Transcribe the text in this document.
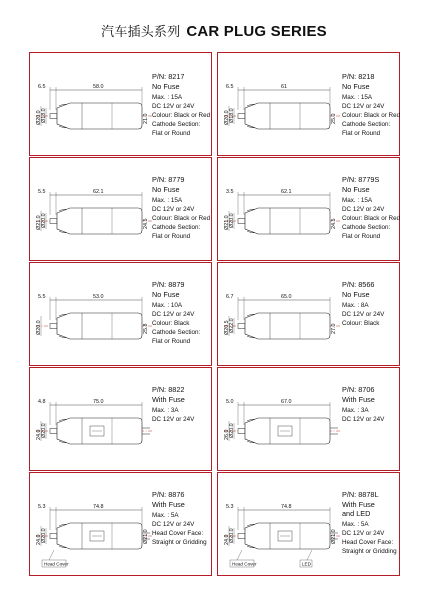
汽车插头系列 CAR PLUG SERIES
6.5	58.0
Ø20.0 Ø18.0	21.0
P/N: 8217
No Fuse
Max. : 15A
DC 12V or 24V
Colour: Black or Red
Cathode Section:
Flat or Round
6.5	61
Ø20.0 Ø18.0	25.0
P/N: 8218
No Fuse
Max. : 15A
DC 12V or 24V
Colour: Black or Red
Cathode Section:
Flat or Round
5.5	62.1
Ø21.0 Ø20.0	24.5
P/N: 8779
No Fuse
Max. : 15A
DC 12V or 24V
Colour: Black or Red
Cathode Section:
Flat or Round
3.5	62.1
Ø21.0 Ø20.0	24.5
P/N: 8779S
No Fuse
Max. : 15A
DC 12V or 24V
Colour: Black or Red
Cathode Section:
Flat or Round
5.5	53.0
Ø20.0	25.8
P/N: 8879
No Fuse
Max. : 10A
DC 12V or 24V
Colour: Black
Cathode Section:
Flat or Round
6.7	65.0
Ø20.5 Ø22.0	27.0
P/N: 8566
No Fuse
Max. : 8A
DC 12V or 24V
Colour: Black
4.8	75.0
24.0 Ø20.0
P/N: 8822
With Fuse
Max. : 3A
DC 12V or 24V
5.0	67.0
26.0 Ø20.0
P/N: 8706
With Fuse
Max. : 3A
DC 12V or 24V
5.3	74.8
24.0 Ø20.0	Ø21.0
Head Cover
P/N: 8876
With Fuse
Max. : 5A
DC 12V or 24V
Head Cover Face:
Straight or Gridding
5.3	74.8
24.0 Ø20.0	Ø21.0
Head Cover	LED
P/N: 8878L
With Fuse and LED
Max. : 5A
DC 12V or 24V
Head Cover Face:
Straight or Gridding
